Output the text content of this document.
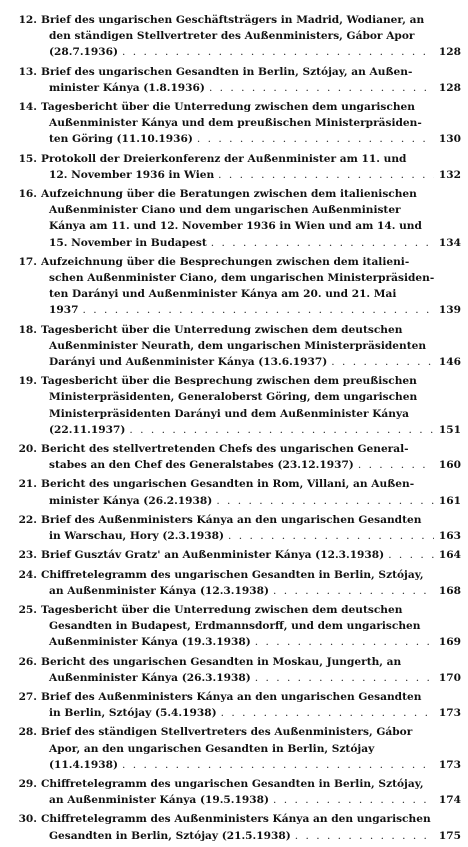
12. Brief des ungarischen Geschäftsträgers in Madrid, Wodianer, an
den ständigen Stellvertreter des Außenministers, Gábor Apor
(28.7.1936) . . .	128
13. Brief des ungarischen Gesandten in Berlin, Sztójay, an Außen-
minister Kánya (1.8.1936) . . .	128
14. Tagesbericht über die Unterredung zwischen dem ungarischen
Außenminister Kánya und dem preußischen Ministerpräsiden-
ten Göring (11.10.1936) . . .	130
15. Protokoll der Dreierkonferenz der Außenminister am 11. und
12. November 1936 in Wien . . .	132
16. Aufzeichnung über die Beratungen zwischen dem italienischen
Außenminister Ciano und dem ungarischen Außenminister
Kánya am 11. und 12. November 1936 in Wien und am 14. und
15. November in Budapest . . .	134
17. Aufzeichnung über die Besprechungen zwischen dem italieni-
schen Außenminister Ciano, dem ungarischen Ministerpräsiden-
ten Darányi und Außenminister Kánya am 20. und 21. Mai
1937 . . .	139
18. Tagesbericht über die Unterredung zwischen dem deutschen
Außenminister Neurath, dem ungarischen Ministerpräsidenten
Darányi und Außenminister Kánya (13.6.1937) . . .	146
19. Tagesbericht über die Besprechung zwischen dem preußischen
Ministerpräsidenten, Generaloberst Göring, dem ungarischen
Ministerpräsidenten Darányi und dem Außenminister Kánya
(22.11.1937) . . .	151
20. Bericht des stellvertretenden Chefs des ungarischen General-
stabes an den Chef des Generalstabes (23.12.1937) . . .	160
21. Bericht des ungarischen Gesandten in Rom, Villani, an Außen-
minister Kánya (26.2.1938) . . .	161
22. Brief des Außenministers Kánya an den ungarischen Gesandten
in Warschau, Hory (2.3.1938) . . .	163
23. Brief Gusztáv Gratz' an Außenminister Kánya (12.3.1938) . . .	164
24. Chiffretelegramm des ungarischen Gesandten in Berlin, Sztójay,
an Außenminister Kánya (12.3.1938) . . .	168
25. Tagesbericht über die Unterredung zwischen dem deutschen
Gesandten in Budapest, Erdmannsdorff, und dem ungarischen
Außenminister Kánya (19.3.1938) . . .	169
26. Bericht des ungarischen Gesandten in Moskau, Jungerth, an
Außenminister Kánya (26.3.1938) . . .	170
27. Brief des Außenministers Kánya an den ungarischen Gesandten
in Berlin, Sztójay (5.4.1938) . . .	173
28. Brief des ständigen Stellvertreters des Außenministers, Gábor
Apor, an den ungarischen Gesandten in Berlin, Sztójay
(11.4.1938) . . .	173
29. Chiffretelegramm des ungarischen Gesandten in Berlin, Sztójay,
an Außenminister Kánya (19.5.1938) . . .	174
30. Chiffretelegramm des Außenministers Kánya an den ungarischen
Gesandten in Berlin, Sztójay (21.5.1938) . . .	175
